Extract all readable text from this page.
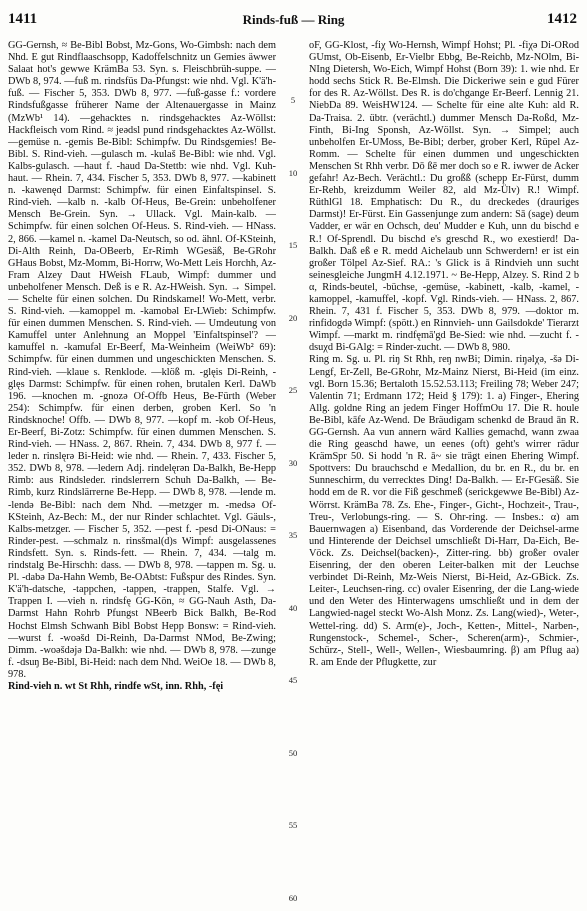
1411	Rinds-fuß — Ring	1412

GG-Gernsh, ≈ Be-Bibl Bobst, Mz-Gons, Wo-Gimbsh: nach dem Nhd. E gut Rindflaaschsopp, Kadoffelschnitz un Gemies äwwer Salaat hot's gewwe KrämBa 53. Syn. s. Fleischbrüh-suppe. — DWb 8, 974. —fuß m. rindsfüs Da-Pfungst: wie nhd. Vgl. K'ä'h-fuß. — Fischer 5, 353. DWb 8, 977. —fuß-gasse f.: vordere Rindsfußgasse früherer Name der Altenauergasse in Mainz (MzWb¹ 14). —gehacktes n. rindsgehacktes Az-Wöllst: Hackfleisch vom Rind. ≈ jeǝdsl pund rindsgehacktes Az-Wöllst. —gemüse n. -gemis Be-Bibl: Schimpfw. Du Rindsgemies! Be-Bibl. S. Rind-vieh. —gulasch m. -kulaš Be-Bibl: wie nhd. Vgl. Kalbs-gulasch. —haut f. -haud Da-Stettb: wie nhd. Vgl. Kuh-haut. — Rhein. 7, 434. Fischer 5, 353. DWb 8, 977. —kabinett n. -kawenęd Darmst: Schimpfw. für einen Einfaltspinsel. S. Rind-vieh. —kalb n. -kalb Of-Heus, Be-Grein: unbeholfener Mensch Be-Grein. Syn. → Ullack. Vgl. Main-kalb. — Schimpfw. für einen solchen Of-Heus. S. Rind-vieh. — HNass. 2, 866. —kamel n. -kamel Da-Neutsch, so od. ähnl. Of-KSteinh, Di-Alth Reinh, Da-OBeerb, Er-Rimh WGesäß, Be-GRohr GHaus Bobst, Mz-Momm, Bi-Horrw, Wo-Mett Leis Horchh, Az-Fram Alzey Daut HWeish FLaub, Wimpf: dummer und unbeholfener Mensch. Deß is e R. Az-HWeish. Syn. → Simpel. — Schelte für einen solchen. Du Rindskamel! Wo-Mett, verbr. S. Rind-vieh. —kamoppel m. -kamobǝl Er-LWieb: Schimpfw. für einen dummen Menschen. S. Rind-vieh. — Umdeutung von Kamuffel unter Anlehnung an Moppel 'Einfaltspinsel'? —kamuffel n. -kamufǝl Er-Beerf, Ma-Weinheim (WeiWb² 69): Schimpfw. für einen dummen und ungeschickten Menschen. S. Rind-vieh. —klaue s. Renklode. —klöß m. -glęis Di-Reinh, -glęs Darmst: Schimpfw. für einen rohen, brutalen Kerl. DaWb 196. —knochen m. -gnozǝ Of-Offb Heus, Be-Fürth (Weber 254): Schimpfw. für einen derben, groben Kerl. So 'n Rindsknoche! Offb. — DWb 8, 977. —kopf m. -kob Of-Heus, Er-Beerf, Bi-Zotz: Schimpfw. für einen dummen Menschen. S. Rind-vieh. — HNass. 2, 867. Rhein. 7, 434. DWb 8, 977 f. —leder n. rinslęrǝ Bi-Heid: wie nhd. — Rhein. 7, 433. Fischer 5, 352. DWb 8, 978. —ledern Adj. rindelęrǝn Da-Balkh, Be-Hepp Rimb: aus Rindsleder. rindslerrern Schuh Da-Balkh, — Be-Rimb, kurz Rindslärrerne Be-Hepp. — DWb 8, 978. —lende m. -lendǝ Be-Bibl: nach dem Nhd. —metzger m. -medsǝ Of-KSteinh, Az-Bech: M., der nur Rinder schlachtet. Vgl. Gäuls-, Kalbs-metzger. — Fischer 5, 352. —pest f. -pesd Di-ONaus: = Rinder-pest. —schmalz n. rinsšmal(d)s Wimpf: ausgelassenes Rindsfett. Syn. s. Rinds-fett. — Rhein. 7, 434. —talg m. rindstalg Be-Hirschh: dass. — DWb 8, 978. —tappen m. Sg. u. Pl. -dabǝ Da-Hahn Wemb, Be-OAbtst: Fußspur des Rindes. Syn. K'ä'h-datsche, -tappchen, -tappen, -trappen, Stalfe. Vgl. → Trappen I. —vieh n. rindsfę GG-Kön, ≈ GG-Nauh Asth, Da-Darmst Hahn Rohrb Pfungst NBeerb Bick Balkh, Be-Rod Hochst Elmsh Schwanh Bibl Bobst Hepp Bonsw: = Rind-vieh. —wurst f. -woǝšd Di-Reinh, Da-Darmst NMod, Be-Zwing; Dimm. -woǝšdǝjǝ Da-Balkh: wie nhd. — DWb 8, 978. —zunge f. -dsuŋ Be-Bibl, Bi-Heid: nach dem Nhd. WeiOe 18. — DWb 8, 978.

Rind-vieh n. wt St Rhh, rindfe wSt, inn. Rhh, -fęi

5
10
15
20
25
30
35
40
45
50
55
60

oF, GG-Klost, -fiχ Wo-Hernsh, Wimpf Hohst; Pl. -fiχǝ Di-ORod GUmst, Ob-Eisenb, Er-Vielbr Ebbg, Be-Reichb, Mz-NOlm, Bi-NIng Dietersh, Wo-Eich, Wimpf Hohst (Born 39): 1. wie nhd. Er hodd sechs Stick R. Be-Elmsh. Die Dickeriwe sein e gud Fürer for des R. Az-Wöllst. Des R. is do'chgange Er-Beerf. Lennig 21. NiebDa 89. WeisHW124. — Schelte für eine alte Kuh: ald R. Da-Traisa. 2. übtr. (verächtl.) dummer Mensch Da-Roßd, Mz-Finth, Bi-Ing Sponsh, Az-Wöllst. Syn. → Simpel; auch unbeholfen Er-UMoss, Be-Bibl; derber, grober Kerl, Rüpel Az-Romm. — Schelte für einen dummen und ungeschickten Menschen St Rhh verbr. Dō ßē mer doch so e R. iwwer de Acker gefahr! Az-Bech. Verächtl.: Du großß (schepp Er-Fürst, dumm Er-Rehb, kreizdumm Weiler 82, ald Mz-Ülv) R.! Wimpf. RüthlGl 18. Emphatisch: Du R., du dreckedes (drauriges Darmst)! Er-Fürst. Ein Gassenjunge zum andern: Sā (sage) deum Vadder, er wär en Ochsch, deu' Mudder e Kuh, unn du bischd e R.! Of-Sprendl. Du bischd e's greschd R., wo exestierd! Da-Balkh. Daß eß e R. medd Aichelaub unn Schwerdern! er ist ein großer Tölpel Az-Sief. RA.: 's Glick is ā Rindvieh unn sucht seinesgleiche JungmH 4.12.1971. ~ Be-Hepp, Alzey. S. Rind 2 b α, Rinds-beutel, -büchse, -gemüse, -kabinett, -kalb, -kamel, -kamoppel, -kamuffel, -kopf. Vgl. Rinds-vieh. — HNass. 2, 867. Rhein. 7, 431 f. Fischer 5, 353. DWb 8, 979. —doktor m. rinfidogdǝ Wimpf: (spött.) en Rinnvieh- unn Gailsdokde' Tierarzt Wimpf. —markt m. rindfęmā'gd Be-Sied: wie nhd. —zucht f. -dsuχd Bi-GAlg: = Rinder-zucht. — DWb 8, 980.

Ring m. Sg. u. Pl. riŋ St Rhh, reŋ nwBi; Dimin. riŋǝlχǝ, -šǝ Di-Lengf, Er-Zell, Be-GRohr, Mz-Mainz Nierst, Bi-Heid (im einz. vgl. Born 15.36; Bertaloth 15.52.53.113; Freiling 78; Weber 247; Valentin 71; Erdmann 172; Heid § 179): 1. a) Finger-, Ehering Allg. goldne Ring an jedem Finger HoffmOu 17. Die R. houle Be-Bibl, kāfe Az-Wend. De Bräudigam schenkd de Braud ān R. GG-Gernsh. Aa vun annern wärd Kallies gemachd, wann zwaa die Ring geaschd hawe, un eenes (oft) geht's wirrer rädur KrämSpr 50. Si hodd 'n R. ā~ sie trägt einen Ehering Wimpf. Spottvers: Du brauchschd e Medallion, du br. en R., du br. en Sunneschirm, du verrecktes Ding! Da-Balkh. — Er-FGesäß. Sie hodd em de R. vor die Fiß geschmeß (serickgewwe Be-Bibl) Az-Wörrst. KrämBa 78. Zs. Ehe-, Finger-, Gicht-, Hochzeit-, Trau-, Treu-, Verlobungs-ring. — S. Ohr-ring. — Insbes.: α) am Bauernwagen a) Eisenband, das Vorderende der Deichsel-arme und Hinterende der Deichsel umschließt Di-Harr, Da-Eich, Be-Vöck. Zs. Deichsel(backen)-, Zitter-ring. bb) großer ovaler Eisenring, der den oberen Leiter-balken mit der Leuchse verbindet Di-Reinh, Mz-Weis Nierst, Bi-Heid, Az-GBick. Zs. Leiter-, Leuchsen-ring. cc) ovaler Eisenring, der die Lang-wiede und den Weter des Hinterwagens umschließt und in dem der Langwied-nagel steckt Wo-Alsh Monz. Zs. Lang(wied)-, Weter-, Wettel-ring. dd) S. Arm(e)-, Joch-, Ketten-, Mittel-, Narben-, Rungenstock-, Schemel-, Scher-, Scheren(arm)-, Schmier-, Schürz-, Stell-, Well-, Wellen-, Wiesbaumring. β) am Pflug aa) R. am Ende der Pflugkette, zur
